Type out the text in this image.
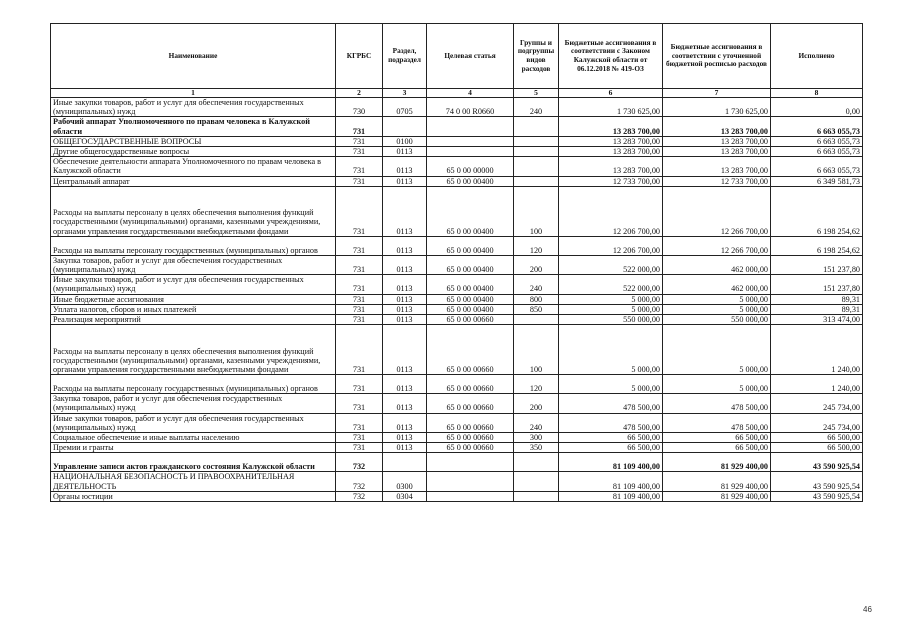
Наименование	КГРБС	Раздел, подраздел	Целевая статья	Группы и подгруппы видов расходов	Бюджетные ассигнования в соответствии с Законом Калужской области от 06.12.2018 № 419-ОЗ	Бюджетные ассигнования в соответствии с уточненной бюджетной росписью расходов	Исполнено
1	2	3	4	5	6	7	8
Иные закупки товаров, работ и услуг для обеспечения государственных (муниципальных) нужд	730	0705	74 0 00 R0660	240	1 730 625,00	1 730 625,00	0,00
Рабочий аппарат Уполномоченного по правам человека в Калужской области	731				13 283 700,00	13 283 700,00	6 663 055,73
ОБЩЕГОСУДАРСТВЕННЫЕ ВОПРОСЫ	731	0100			13 283 700,00	13 283 700,00	6 663 055,73
Другие общегосударственные вопросы	731	0113			13 283 700,00	13 283 700,00	6 663 055,73
Обеспечение деятельности аппарата Уполномоченного по правам человека в Калужской области	731	0113	65 0 00 00000		13 283 700,00	13 283 700,00	6 663 055,73
Центральный аппарат	731	0113	65 0 00 00400		12 733 700,00	12 733 700,00	6 349 581,73
Расходы на выплаты персоналу в целях обеспечения выполнения функций государственными (муниципальными) органами, казенными учреждениями, органами управления государственными внебюджетными фондами	731	0113	65 0 00 00400	100	12 206 700,00	12 266 700,00	6 198 254,62
Расходы на выплаты персоналу государственных (муниципальных) органов	731	0113	65 0 00 00400	120	12 206 700,00	12 266 700,00	6 198 254,62
Закупка товаров, работ и услуг для обеспечения государственных (муниципальных) нужд	731	0113	65 0 00 00400	200	522 000,00	462 000,00	151 237,80
Иные закупки товаров, работ и услуг для обеспечения государственных (муниципальных) нужд	731	0113	65 0 00 00400	240	522 000,00	462 000,00	151 237,80
Иные бюджетные ассигнования	731	0113	65 0 00 00400	800	5 000,00	5 000,00	89,31
Уплата налогов, сборов и иных платежей	731	0113	65 0 00 00400	850	5 000,00	5 000,00	89,31
Реализация мероприятий	731	0113	65 0 00 00660		550 000,00	550 000,00	313 474,00
Расходы на выплаты персоналу в целях обеспечения выполнения функций государственными (муниципальными) органами, казенными учреждениями, органами управления государственными внебюджетными фондами	731	0113	65 0 00 00660	100	5 000,00	5 000,00	1 240,00
Расходы на выплаты персоналу государственных (муниципальных) органов	731	0113	65 0 00 00660	120	5 000,00	5 000,00	1 240,00
Закупка товаров, работ и услуг для обеспечения государственных (муниципальных) нужд	731	0113	65 0 00 00660	200	478 500,00	478 500,00	245 734,00
Иные закупки товаров, работ и услуг для обеспечения государственных (муниципальных) нужд	731	0113	65 0 00 00660	240	478 500,00	478 500,00	245 734,00
Социальное обеспечение и иные выплаты населению	731	0113	65 0 00 00660	300	66 500,00	66 500,00	66 500,00
Премии и гранты	731	0113	65 0 00 00660	350	66 500,00	66 500,00	66 500,00
Управление записи актов гражданского состояния Калужской области	732				81 109 400,00	81 929 400,00	43 590 925,54
НАЦИОНАЛЬНАЯ БЕЗОПАСНОСТЬ И ПРАВООХРАНИТЕЛЬНАЯ ДЕЯТЕЛЬНОСТЬ	732	0300			81 109 400,00	81 929 400,00	43 590 925,54
Органы юстиции	732	0304			81 109 400,00	81 929 400,00	43 590 925,54
46
